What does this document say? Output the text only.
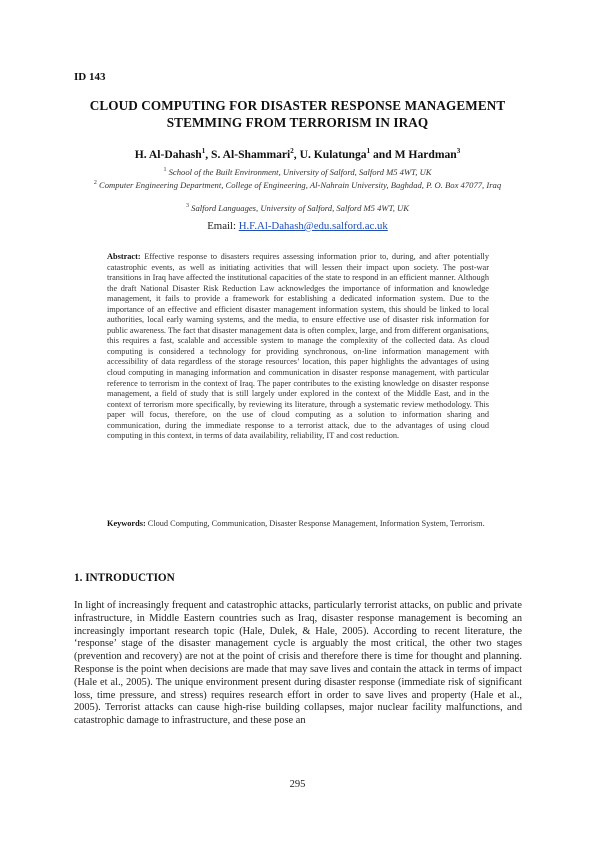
ID 143
CLOUD COMPUTING FOR DISASTER RESPONSE MANAGEMENT
STEMMING FROM TERRORISM IN IRAQ
H. Al-Dahash$^1$, S. Al-Shammari$^2$, U. Kulatunga$^1$ and M Hardman$^3$
$^1$ School of the Built Environment, University of Salford, Salford M5 4WT, UK
$^2$ Computer Engineering Department, College of Engineering, Al-Nahrain University, Baghdad, P. O. Box 47077, Iraq
$^3$ Salford Languages, University of Salford, Salford M5 4WT, UK
Email: H.F.Al-Dahash@edu.salford.ac.uk
Abstract: Effective response to disasters requires assessing information prior to, during, and after potentially catastrophic events, as well as initiating activities that will lessen their impact upon society. The post-war transitions in Iraq have affected the institutional capacities of the state to respond in an efficient manner. Although the draft National Disaster Risk Reduction Law acknowledges the importance of information and knowledge management, it fails to provide a framework for establishing a dedicated information system. Due to the importance of an effective and efficient disaster management information system, this should be linked to local authorities, local early warning systems, and the media, to ensure effective use of disaster risk information for public awareness. The fact that disaster management data is often complex, large, and from different organisations, this requires a fast, scalable and accessible system to manage the complexity of the collected data. As cloud computing is considered a technology for providing synchronous, on-line information management with accessibility of data regardless of the storage resources’ location, this paper highlights the advantages of using cloud computing in managing information and communication in disaster response management, with particular reference to terrorism in the context of Iraq. The paper contributes to the existing knowledge on disaster response management, a field of study that is still largely under explored in the context of the Middle East, and in the context of terrorism more specifically, by reviewing its literature, through a systematic review methodology. This paper will focus, therefore, on the use of cloud computing as a solution to information sharing and communication, during the immediate response to a terrorist attack, due to the advantages of using cloud computing in this context, in terms of data availability, reliability, IT and cost reduction.
Keywords: Cloud Computing, Communication, Disaster Response Management, Information System, Terrorism.
1. INTRODUCTION
In light of increasingly frequent and catastrophic attacks, particularly terrorist attacks, on public and private infrastructure, in Middle Eastern countries such as Iraq, disaster response management is becoming an increasingly important research topic (Hale, Dulek, & Hale, 2005). According to recent literature, the ‘response’ stage of the disaster management cycle is arguably the most critical, the other two stages (prevention and recovery) are not at the point of crisis and therefore there is time for thought and planning. Response is the point when decisions are made that may save lives and contain the attack in terms of impact (Hale et al., 2005). The unique environment present during disaster response (immediate risk of significant loss, time pressure, and stress) requires research effort in order to save lives and property (Hale et al., 2005). Terrorist attacks can cause high-rise building collapses, major nuclear facility malfunctions, and catastrophic damage to infrastructure, and these pose an
295
